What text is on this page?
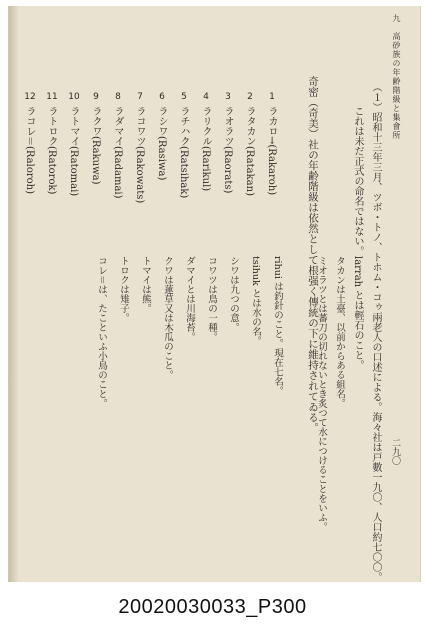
九　高砂族の年齢階級と集會所
二九〇
（１）昭和十三年三月、ツボ・トノ、トホム・コゥ兩老人の口述による。海々社は戸數一九〇、人口約七〇〇。
これは未だ正式の命名ではない。larrah とは輕石のこと。
奇密（奇美）社の年齢階級は依然として根强く傳統の下に維持されてゐる。
1
ラカロ→(Rakaroh)
2
ラタカン(Ratakan)
3
ラオラツ(Raorats)
4
ラリクル(Rarikul)
5
ラチハク(Ratsihak)
6
ラシワ(Rasiwa)
7
ラコワツ(Rakowats)
8
ラダマイ(Radamai)
9
ラクワ(Rakuwa)
10
ラトマイ(Ratomai)
11
ラトロク(Ratorok)
12
ラコレ＝(Raloroh)
タカンは土臺、以前からある組名。
ミオラツとは蕃刀の切れないとき炙つて水につけることをいふ。
rihui は釣針のこと。現在七名。
tsihuk とは水の名。
シワは九つの意。
コワツは鳥の一種。
ダマイとは川海苔。
クワは蓮草又は木瓜のこと。
トマイは熊。
トロクは雉子。
コレ＝は、たこといふ小鳥のこと。
20020030033_P300
